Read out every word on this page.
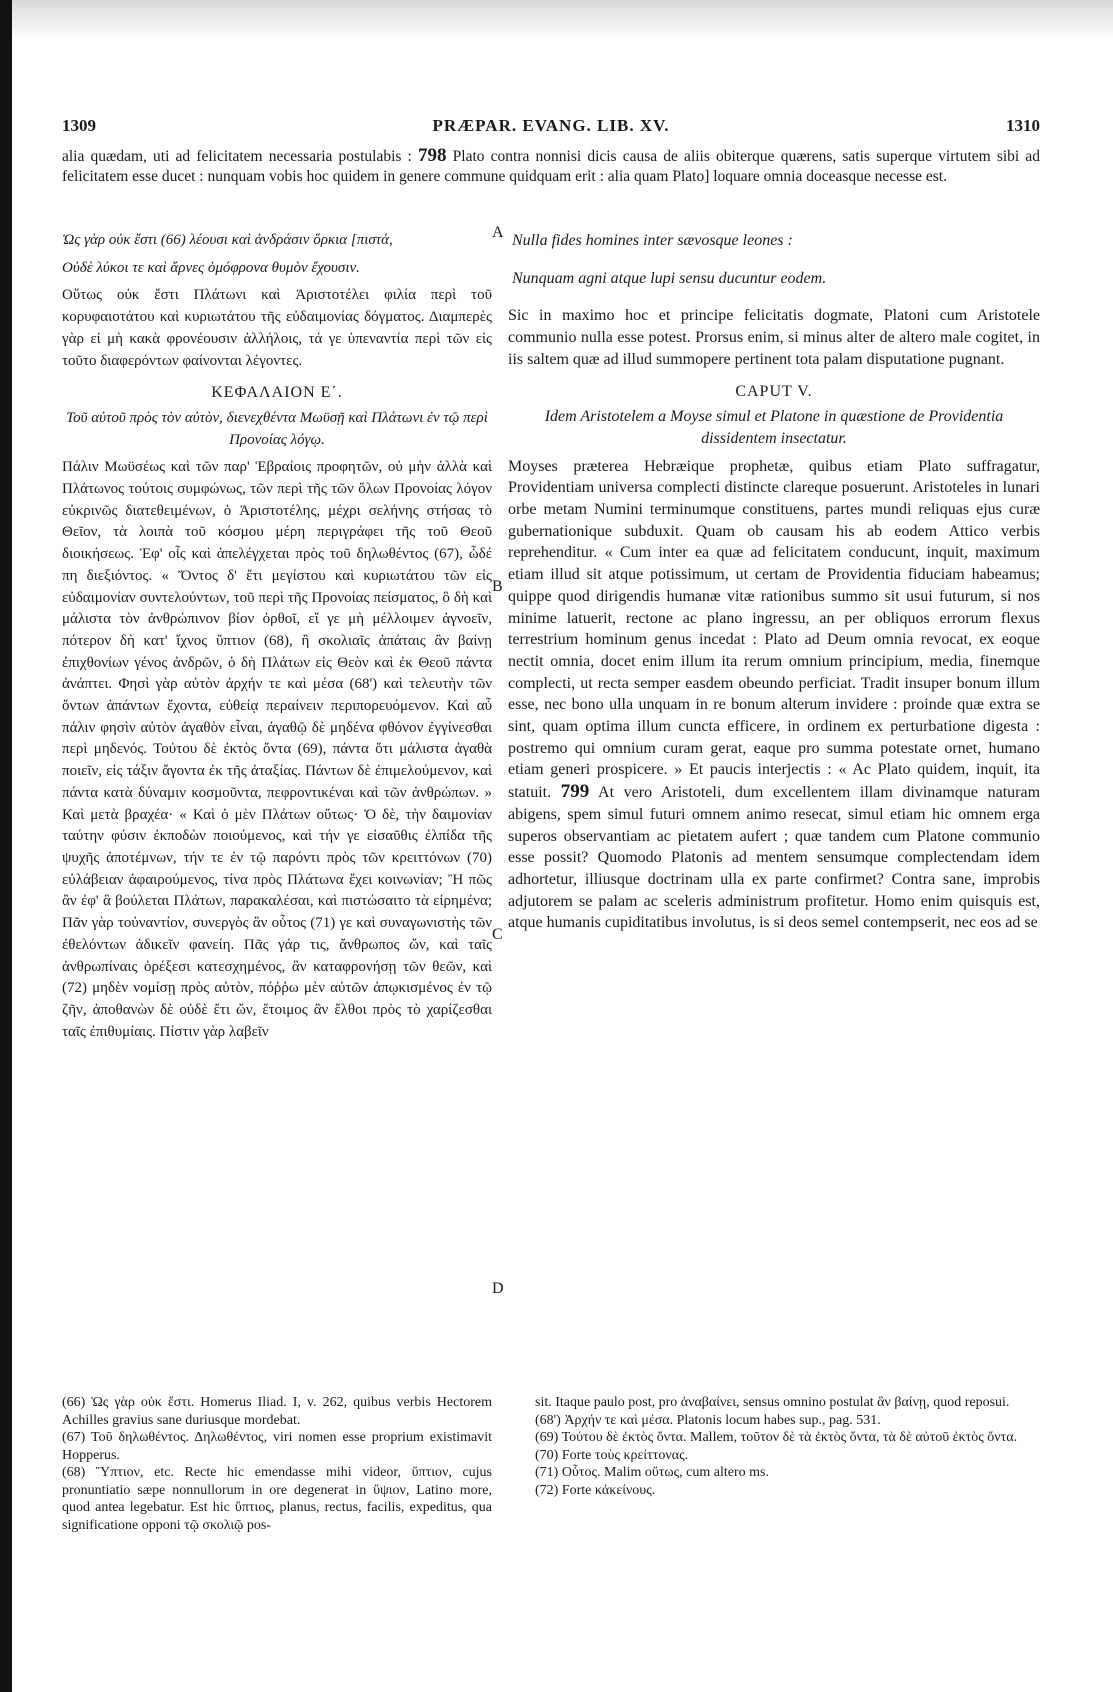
1309	PRÆPAR. EVANG. LIB. XV.	1310
alia quædam, uti ad felicitatem necessaria postulabis : 798 Plato contra nonnisi dicis causa de aliis obiterque quærens, satis superque virtutem sibi ad felicitatem esse ducet : nunquam vobis hoc quidem in genere commune quidquam erit : alia quam Plato] loquare omnia doceasque necesse est.
A
B
C
D

Ὡς γὰρ οὐκ ἔστι (66) λέουσι καὶ ἀνδράσιν ὅρκια [πιστά,

Οὐδὲ λύκοι τε καὶ ἄρνες ὁμόφρονα θυμὸν ἔχουσιν.

Οὕτως οὐκ ἔστι Πλάτωνι καὶ Ἀριστοτέλει φιλία περὶ τοῦ κορυφαιοτάτου καὶ κυριωτάτου τῆς εὐδαιμονίας δόγματος. Διαμπερὲς γὰρ εἰ μὴ κακὰ φρονέουσιν ἀλλήλοις, τά γε ὑπεναντία περὶ τῶν εἰς τοῦτο διαφερόντων φαίνονται λέγοντες.

ΚΕΦΑΛΑΙΟΝ Ε΄.
Τοῦ αὐτοῦ πρὸς τὸν αὐτὸν, διενεχθέντα Μωϋσῇ καὶ Πλάτωνι ἐν τῷ περὶ Προνοίας λόγῳ.

Πάλιν Μωϋσέως καὶ τῶν παρ' Ἑβραίοις προφητῶν, οὐ μὴν ἀλλὰ καὶ Πλάτωνος τούτοις συμφώνως, τῶν περὶ τῆς τῶν ὅλων Προνοίας λόγον εὐκρινῶς διατεθειμένων, ὁ Ἀριστοτέλης, μέχρι σελήνης στήσας τὸ Θεῖον, τὰ λοιπὰ τοῦ κόσμου μέρη περιγράφει τῆς τοῦ Θεοῦ διοικήσεως. Ἐφ' οἷς καὶ ἀπελέγχεται πρὸς τοῦ δηλωθέντος (67), ὧδέ πη διεξιόντος. « Ὄντος δ' ἔτι μεγίστου καὶ κυριωτάτου τῶν εἰς εὐδαιμονίαν συντελούντων, τοῦ περὶ τῆς Προνοίας πείσματος, ὃ δὴ καὶ μάλιστα τὸν ἀνθρώπινον βίον ὀρθοῖ, εἴ γε μὴ μέλλοιμεν ἀγνοεῖν, πότερον δὴ κατ' ἴχνος ὕπτιον (68), ἢ σκολιαῖς ἀπάταις ἂν βαίνῃ ἐπιχθονίων γένος ἀνδρῶν, ὁ δὴ Πλάτων εἰς Θεὸν καὶ ἐκ Θεοῦ πάντα ἀνάπτει. Φησὶ γὰρ αὐτὸν ἀρχήν τε καὶ μέσα (68') καὶ τελευτὴν τῶν ὄντων ἁπάντων ἔχοντα, εὐθείᾳ περαίνειν περιπορευόμενον. Καὶ αὖ πάλιν φησὶν αὐτὸν ἀγαθὸν εἶναι, ἀγαθῷ δὲ μηδένα φθόνον ἐγγίνεσθαι περὶ μηδενός. Τούτου δὲ ἐκτὸς ὄντα (69), πάντα ὅτι μάλιστα ἀγαθὰ ποιεῖν, εἰς τάξιν ἄγοντα ἐκ τῆς ἀταξίας. Πάντων δὲ ἐπιμελούμενον, καὶ πάντα κατὰ δύναμιν κοσμοῦντα, πεφροντικέναι καὶ τῶν ἀνθρώπων. » Καὶ μετὰ βραχέα· « Καὶ ὁ μὲν Πλάτων οὕτως· Ὁ δὲ, τὴν δαιμονίαν ταύτην φύσιν ἐκποδὼν ποιούμενος, καὶ τήν γε εἰσαῦθις ἐλπίδα τῆς ψυχῆς ἀποτέμνων, τήν τε ἐν τῷ παρόντι πρὸς τῶν κρειττόνων (70) εὐλάβειαν ἀφαιρούμενος, τίνα πρὸς Πλάτωνα ἔχει κοινωνίαν; Ἢ πῶς ἂν ἐφ' ἃ βούλεται Πλάτων, παρακαλέσαι, καὶ πιστώσαιτο τὰ εἰρημένα; Πᾶν γὰρ τοὐναντίον, συνεργὸς ἂν οὗτος (71) γε καὶ συναγωνιστὴς τῶν ἐθελόντων ἀδικεῖν φανείη. Πᾶς γάρ τις, ἄνθρωπος ὤν, καὶ ταῖς ἀνθρωπίναις ὀρέξεσι κατεσχημένος, ἂν καταφρονήσῃ τῶν θεῶν, καὶ (72) μηδὲν νομίσῃ πρὸς αὐτὸν, πόῤῥω μὲν αὐτῶν ἀπῳκισμένος ἐν τῷ ζῆν, ἀποθανὼν δὲ οὐδὲ ἔτι ὤν, ἕτοιμος ἂν ἔλθοι πρὸς τὸ χαρίζεσθαι ταῖς ἐπιθυμίαις. Πίστιν γὰρ λαβεῖν

Nulla fides homines inter sævosque leones :

Nunquam agni atque lupi sensu ducuntur eodem.

Sic in maximo hoc et principe felicitatis dogmate, Platoni cum Aristotele communio nulla esse potest. Prorsus enim, si minus alter de altero male cogitet, in iis saltem quæ ad illud summopere pertinent tota palam disputatione pugnant.

CAPUT V.
Idem Aristotelem a Moyse simul et Platone in quæstione de Providentia dissidentem insectatur.

Moyses præterea Hebræique prophetæ, quibus etiam Plato suffragatur, Providentiam universa complecti distincte clareque posuerunt. Aristoteles in lunari orbe metam Numini terminumque constituens, partes mundi reliquas ejus curæ gubernationique subduxit. Quam ob causam his ab eodem Attico verbis reprehenditur. « Cum inter ea quæ ad felicitatem conducunt, inquit, maximum etiam illud sit atque potissimum, ut certam de Providentia fiduciam habeamus; quippe quod dirigendis humanæ vitæ rationibus summo sit usui futurum, si nos minime latuerit, rectone ac plano ingressu, an per obliquos errorum flexus terrestrium hominum genus incedat : Plato ad Deum omnia revocat, ex eoque nectit omnia, docet enim illum ita rerum omnium principium, media, finemque complecti, ut recta semper easdem obeundo perficiat. Tradit insuper bonum illum esse, nec bono ulla unquam in re bonum alterum invidere : proinde quæ extra se sint, quam optima illum cuncta efficere, in ordinem ex perturbatione digesta : postremo qui omnium curam gerat, eaque pro summa potestate ornet, humano etiam generi prospicere. » Et paucis interjectis : « Ac Plato quidem, inquit, ita statuit. 799 At vero Aristoteli, dum excellentem illam divinamque naturam abigens, spem simul futuri omnem animo resecat, simul etiam hic omnem erga superos observantiam ac pietatem aufert ; quæ tandem cum Platone communio esse possit? Quomodo Platonis ad mentem sensumque complectendam idem adhortetur, illiusque doctrinam ulla ex parte confirmet? Contra sane, improbis adjutorem se palam ac sceleris administrum profitetur. Homo enim quisquis est, atque humanis cupiditatibus involutus, is si deos semel contempserit, nec eos ad se

(66) Ὡς γὰρ οὐκ ἔστι. Homerus Iliad. I, v. 262, quibus verbis Hectorem Achilles gravius sane duriusque mordebat.

(67) Τοῦ δηλωθέντος. Δηλωθέντος, viri nomen esse proprium existimavit Hopperus.

(68) Ὕπτιον, etc. Recte hic emendasse mihi videor, ὕπτιον, cujus pronuntiatio sæpe nonnullorum in ore degenerat in ὕψιον, Latino more, quod antea legebatur. Est hic ὕπτιος, planus, rectus, facilis, expeditus, qua significatione opponi τῷ σκολιῷ pos-

sit. Itaque paulo post, pro ἀναβαίνει, sensus omnino postulat ἂν βαίνῃ, quod reposui.

(68') Ἀρχήν τε καὶ μέσα. Platonis locum habes sup., pag. 531.

(69) Τούτου δὲ ἐκτὸς ὄντα. Mallem, τοῦτον δὲ τὰ ἐκτὸς ὄντα, τὰ δὲ αὐτοῦ ἐκτὸς ὄντα.

(70) Forte τοὺς κρείττονας.

(71) Οὗτος. Malim οὕτως, cum altero ms.

(72) Forte κἀκείνους.
